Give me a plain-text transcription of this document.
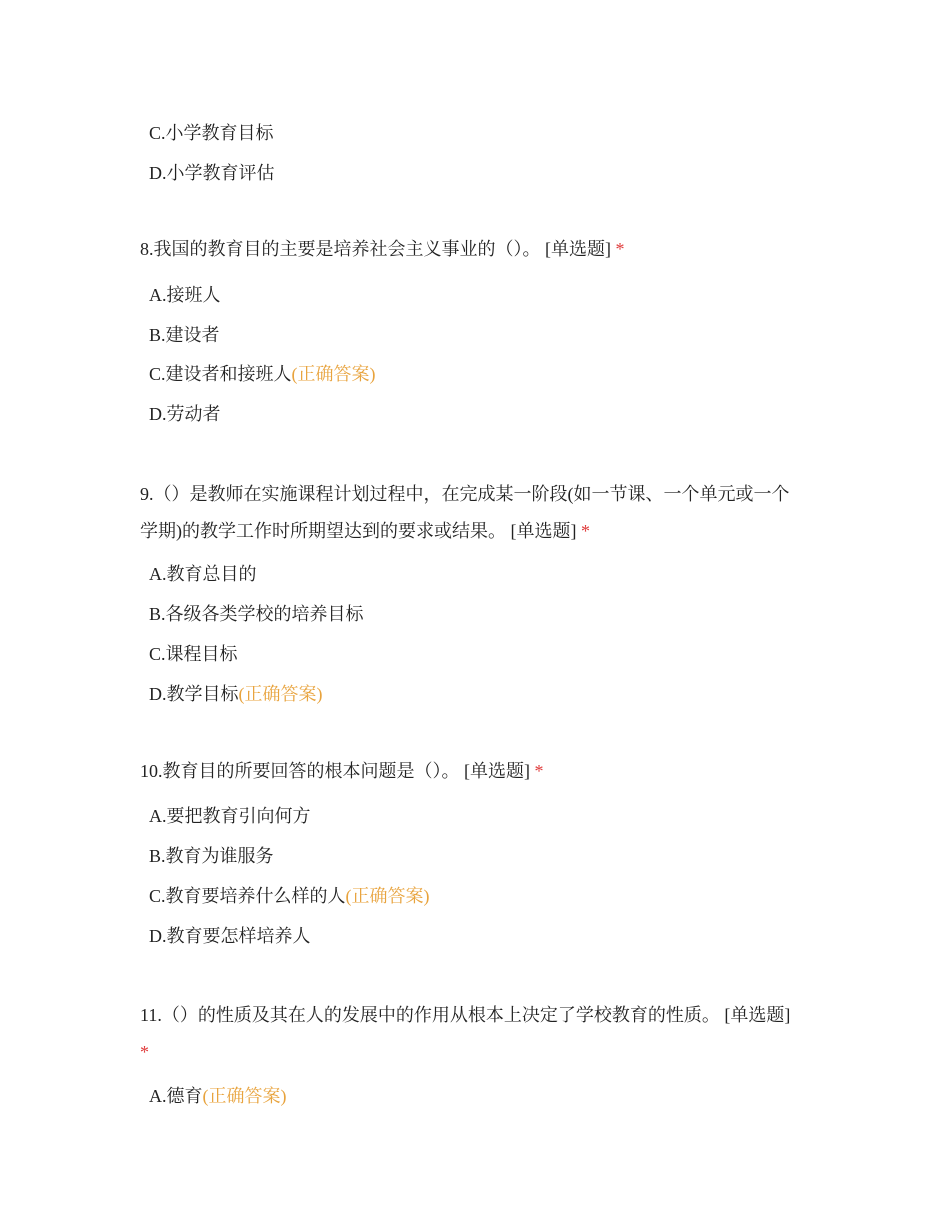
C.小学教育目标
D.小学教育评估
8.我国的教育目的主要是培养社会主义事业的（）。 [单选题] *
A.接班人
B.建设者
C.建设者和接班人(正确答案)
D.劳动者
9.（）是教师在实施课程计划过程中，在完成某一阶段(如一节课、一个单元或一个学期)的教学工作时所期望达到的要求或结果。 [单选题] *
A.教育总目的
B.各级各类学校的培养目标
C.课程目标
D.教学目标(正确答案)
10.教育目的所要回答的根本问题是（）。 [单选题] *
A.要把教育引向何方
B.教育为谁服务
C.教育要培养什么样的人(正确答案)
D.教育要怎样培养人
11.（）的性质及其在人的发展中的作用从根本上决定了学校教育的性质。 [单选题] *
A.德育(正确答案)
